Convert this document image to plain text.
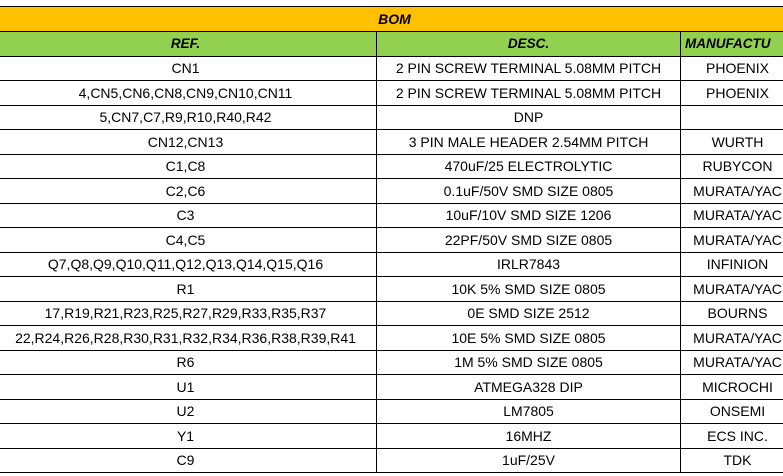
BOM		
REF.	DESC.	MANUFACTU
CN1	2 PIN SCREW TERMINAL 5.08MM PITCH	PHOENIX
4,CN5,CN6,CN8,CN9,CN10,CN11	2 PIN SCREW TERMINAL 5.08MM PITCH	PHOENIX
5,CN7,C7,R9,R10,R40,R42	DNP	
CN12,CN13	3 PIN MALE HEADER 2.54MM PITCH	WURTH
C1,C8	470uF/25 ELECTROLYTIC	RUBYCON
C2,C6	0.1uF/50V SMD SIZE 0805	MURATA/YAC
C3	10uF/10V SMD SIZE 1206	MURATA/YAC
C4,C5	22PF/50V SMD SIZE 0805	MURATA/YAC
Q7,Q8,Q9,Q10,Q11,Q12,Q13,Q14,Q15,Q16	IRLR7843	INFINION
R1	10K 5% SMD SIZE 0805	MURATA/YAC
17,R19,R21,R23,R25,R27,R29,R33,R35,R37	0E SMD SIZE 2512	BOURNS
22,R24,R26,R28,R30,R31,R32,R34,R36,R38,R39,R41	10E 5% SMD SIZE 0805	MURATA/YAC
R6	1M 5% SMD SIZE 0805	MURATA/YAC
U1	ATMEGA328 DIP	MICROCHI
U2	LM7805	ONSEMI
Y1	16MHZ	ECS INC.
C9	1uF/25V	TDK
